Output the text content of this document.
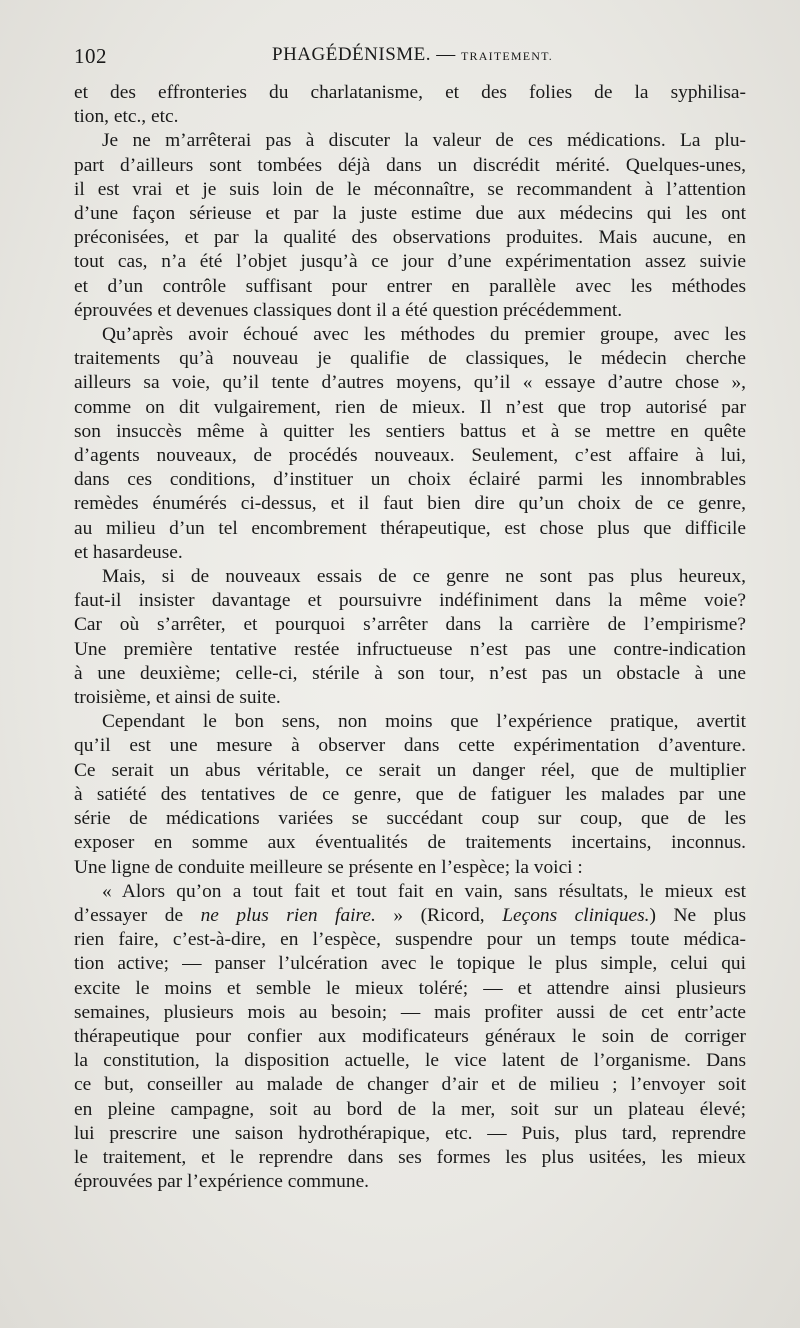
102	PHAGÉDÉNISME. — TRAITEMENT.
et des effronteries du charlatanisme, et des folies de la syphilisa-
tion, etc., etc.
Je ne m’arrêterai pas à discuter la valeur de ces médications. La plu-
part d’ailleurs sont tombées déjà dans un discrédit mérité. Quelques-unes,
il est vrai et je suis loin de le méconnaître, se recommandent à l’attention
d’une façon sérieuse et par la juste estime due aux médecins qui les ont
préconisées, et par la qualité des observations produites. Mais aucune, en
tout cas, n’a été l’objet jusqu’à ce jour d’une expérimentation assez suivie
et d’un contrôle suffisant pour entrer en parallèle avec les méthodes
éprouvées et devenues classiques dont il a été question précédemment.
Qu’après avoir échoué avec les méthodes du premier groupe, avec les
traitements qu’à nouveau je qualifie de classiques, le médecin cherche
ailleurs sa voie, qu’il tente d’autres moyens, qu’il « essaye d’autre chose »,
comme on dit vulgairement, rien de mieux. Il n’est que trop autorisé par
son insuccès même à quitter les sentiers battus et à se mettre en quête
d’agents nouveaux, de procédés nouveaux. Seulement, c’est affaire à lui,
dans ces conditions, d’instituer un choix éclairé parmi les innombrables
remèdes énumérés ci-dessus, et il faut bien dire qu’un choix de ce genre,
au milieu d’un tel encombrement thérapeutique, est chose plus que difficile
et hasardeuse.
Mais, si de nouveaux essais de ce genre ne sont pas plus heureux,
faut-il insister davantage et poursuivre indéfiniment dans la même voie?
Car où s’arrêter, et pourquoi s’arrêter dans la carrière de l’empirisme?
Une première tentative restée infructueuse n’est pas une contre-indication
à une deuxième; celle-ci, stérile à son tour, n’est pas un obstacle à une
troisième, et ainsi de suite.
Cependant le bon sens, non moins que l’expérience pratique, avertit
qu’il est une mesure à observer dans cette expérimentation d’aventure.
Ce serait un abus véritable, ce serait un danger réel, que de multiplier
à satiété des tentatives de ce genre, que de fatiguer les malades par une
série de médications variées se succédant coup sur coup, que de les
exposer en somme aux éventualités de traitements incertains, inconnus.
Une ligne de conduite meilleure se présente en l’espèce; la voici :
« Alors qu’on a tout fait et tout fait en vain, sans résultats, le mieux est
d’essayer de ne plus rien faire. » (Ricord, Leçons cliniques.) Ne plus
rien faire, c’est-à-dire, en l’espèce, suspendre pour un temps toute médica-
tion active; — panser l’ulcération avec le topique le plus simple, celui qui
excite le moins et semble le mieux toléré; — et attendre ainsi plusieurs
semaines, plusieurs mois au besoin; — mais profiter aussi de cet entr’acte
thérapeutique pour confier aux modificateurs généraux le soin de corriger
la constitution, la disposition actuelle, le vice latent de l’organisme. Dans
ce but, conseiller au malade de changer d’air et de milieu ; l’envoyer soit
en pleine campagne, soit au bord de la mer, soit sur un plateau élevé;
lui prescrire une saison hydrothérapique, etc. — Puis, plus tard, reprendre
le traitement, et le reprendre dans ses formes les plus usitées, les mieux
éprouvées par l’expérience commune.
